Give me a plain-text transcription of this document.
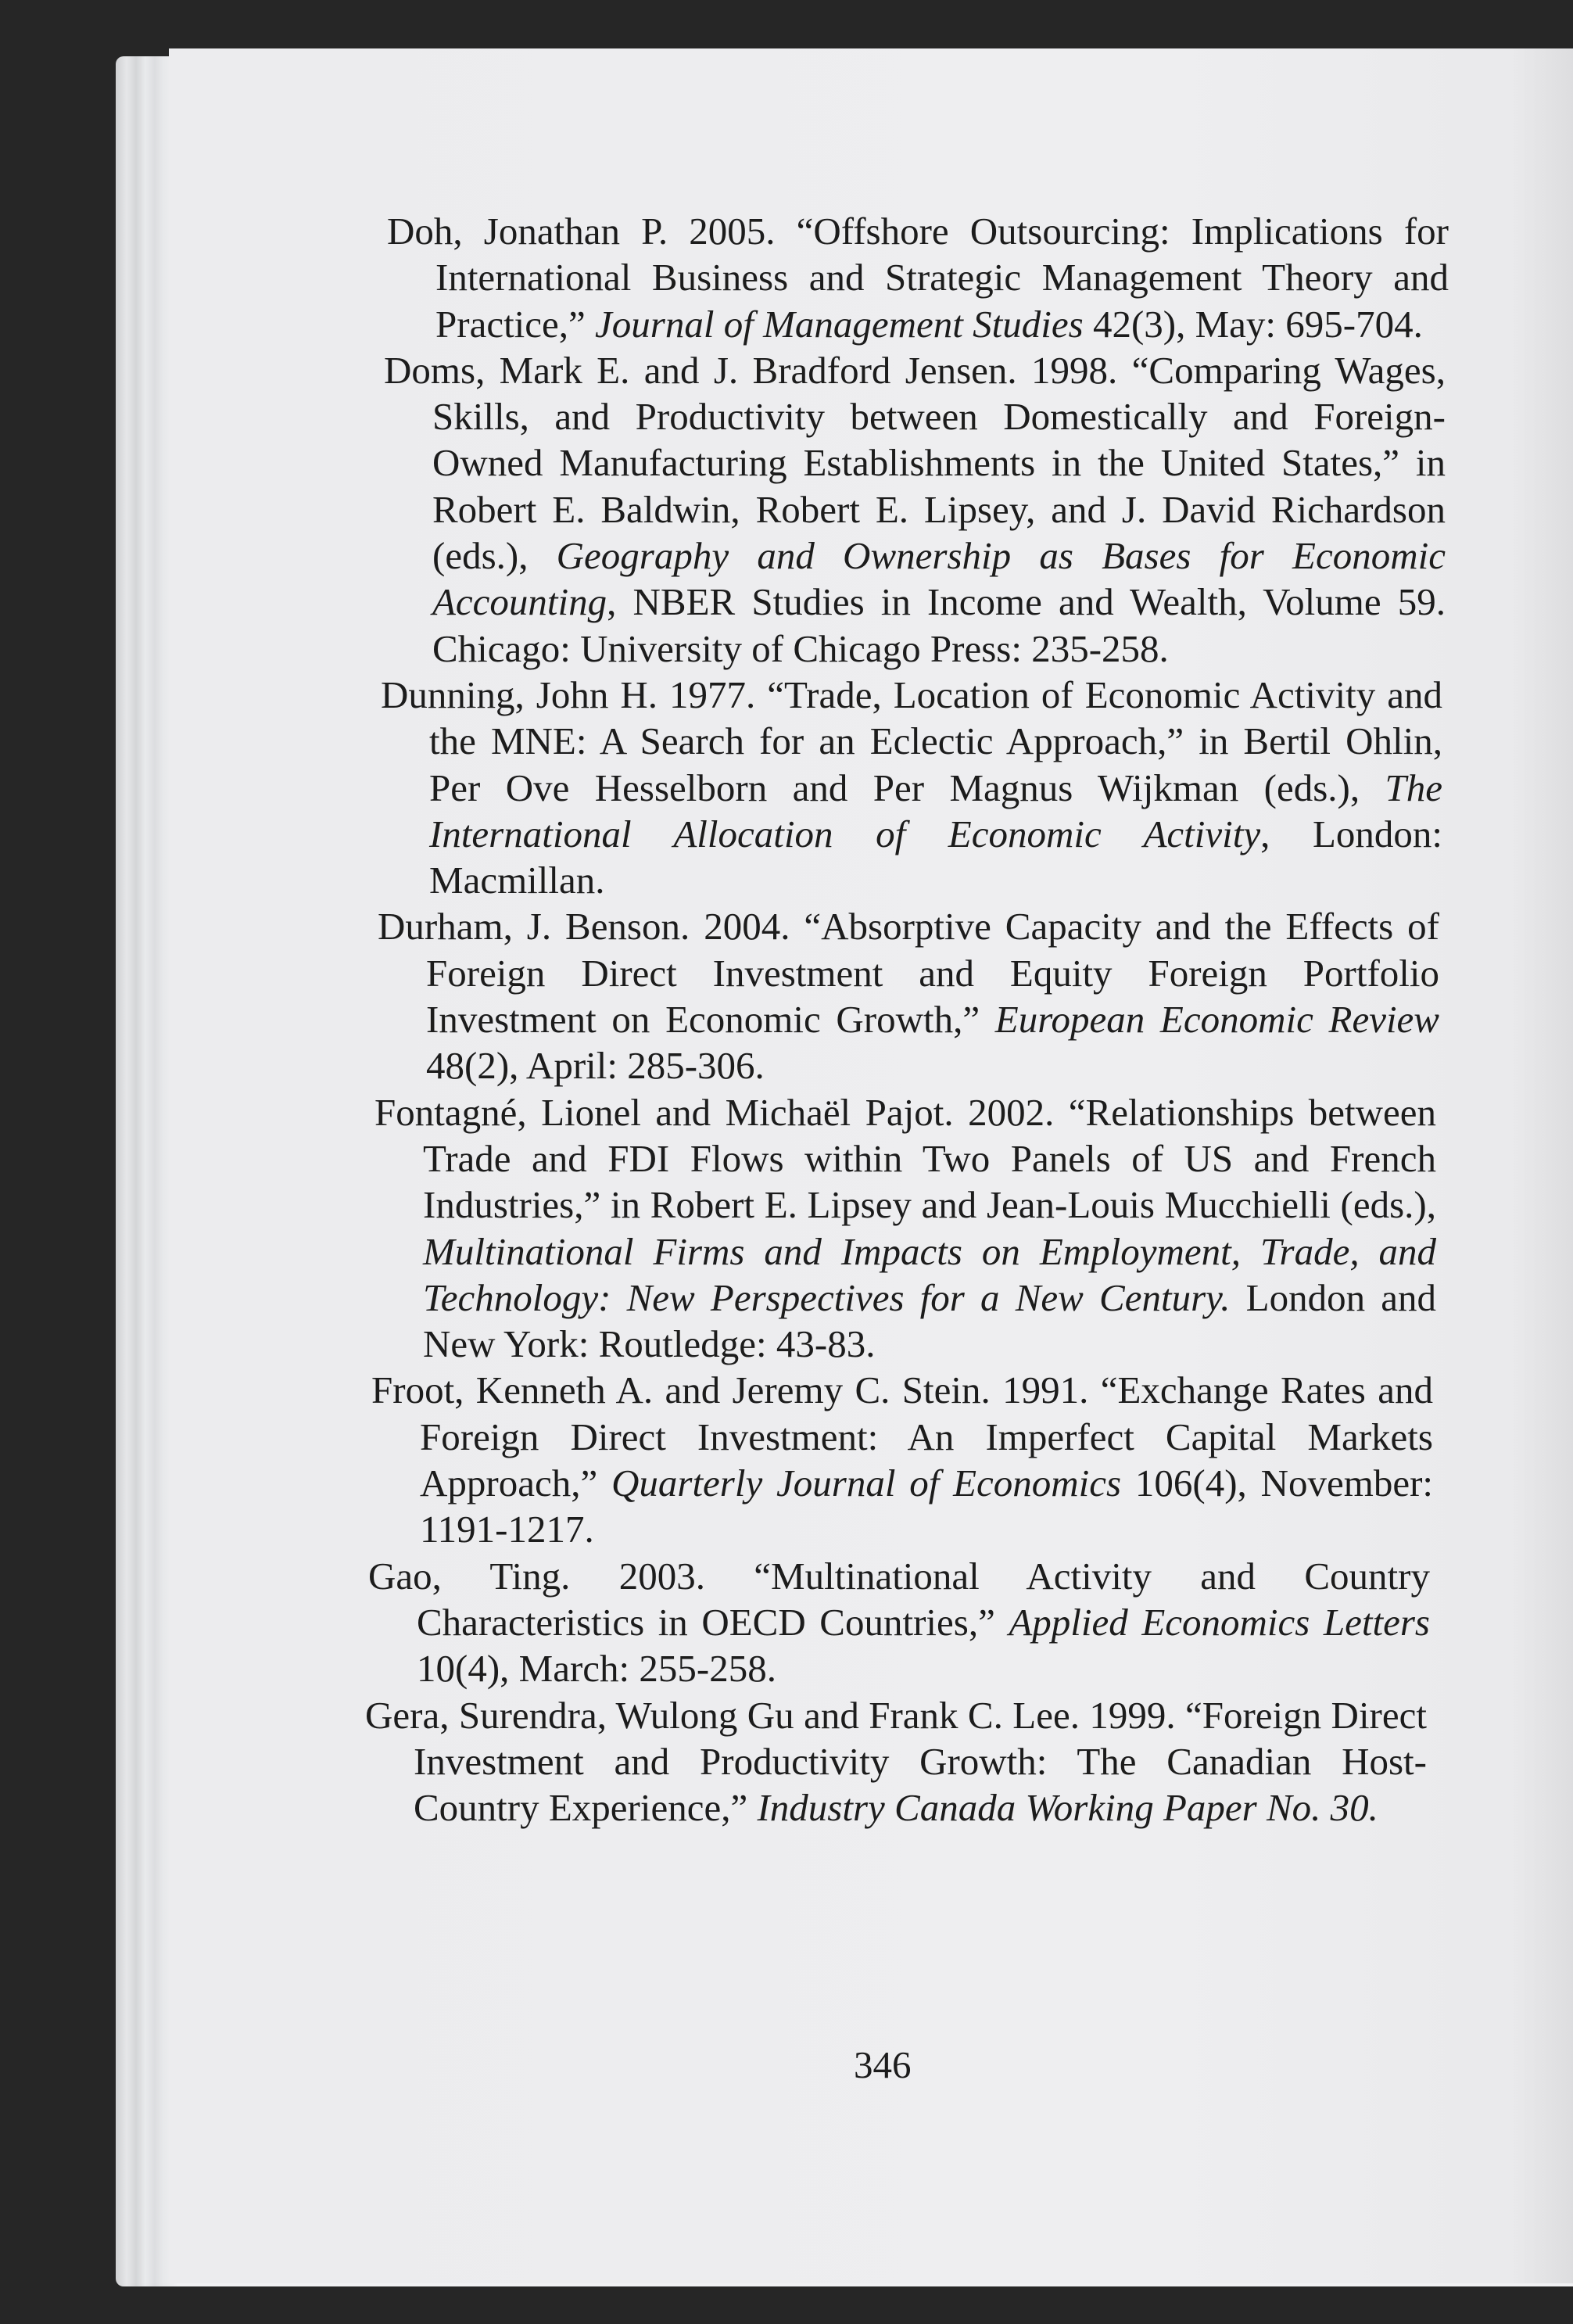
Doh, Jonathan P. 2005. “Offshore Outsourcing: Implications for International Business and Strategic Management Theory and Practice,” Journal of Management Studies 42(3), May: 695-704.
Doms, Mark E. and J. Bradford Jensen. 1998. “Comparing Wages, Skills, and Productivity between Domestically and Foreign-Owned Manufacturing Establishments in the United States,” in Robert E. Baldwin, Robert E. Lipsey, and J. David Richardson (eds.), Geography and Ownership as Bases for Economic Accounting, NBER Studies in Income and Wealth, Volume 59. Chicago: University of Chicago Press: 235-258.
Dunning, John H. 1977. “Trade, Location of Economic Activity and the MNE: A Search for an Eclectic Approach,” in Bertil Ohlin, Per Ove Hesselborn and Per Magnus Wijkman (eds.), The International Allocation of Economic Activity, London: Macmillan.
Durham, J. Benson. 2004. “Absorptive Capacity and the Effects of Foreign Direct Investment and Equity Foreign Portfolio Investment on Economic Growth,” European Economic Review 48(2), April: 285-306.
Fontagné, Lionel and Michaël Pajot. 2002. “Relationships between Trade and FDI Flows within Two Panels of US and French Industries,” in Robert E. Lipsey and Jean-Louis Mucchielli (eds.), Multinational Firms and Impacts on Employment, Trade, and Technology: New Perspectives for a New Century. London and New York: Routledge: 43-83.
Froot, Kenneth A. and Jeremy C. Stein. 1991. “Exchange Rates and Foreign Direct Investment: An Imperfect Capital Markets Approach,” Quarterly Journal of Economics 106(4), November: 1191-1217.
Gao, Ting. 2003. “Multinational Activity and Country Characteristics in OECD Countries,” Applied Economics Letters 10(4), March: 255-258.
Gera, Surendra, Wulong Gu and Frank C. Lee. 1999. “Foreign Direct Investment and Productivity Growth: The Canadian Host-Country Experience,” Industry Canada Working Paper No. 30.
346
